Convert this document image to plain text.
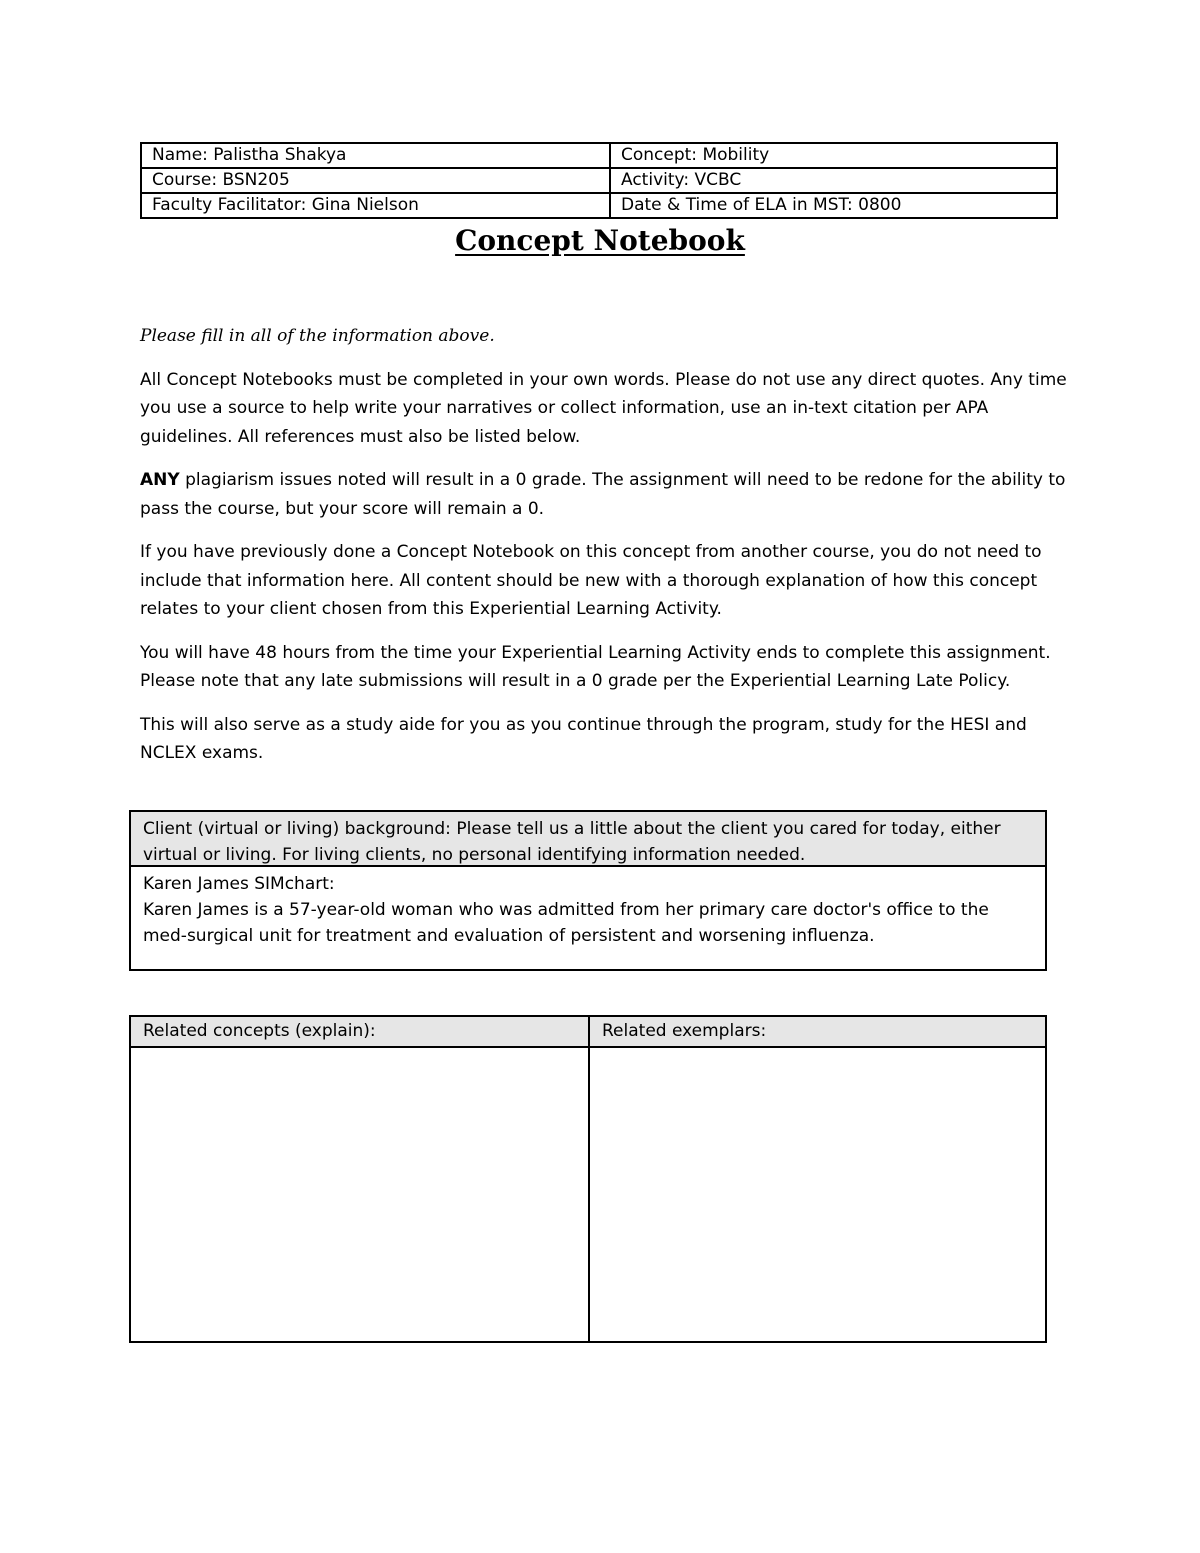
Name: Palistha Shakya	Concept: Mobility
Course: BSN205	Activity: VCBC
Faculty Facilitator: Gina Nielson	Date & Time of ELA in MST: 0800
Concept Notebook

Please fill in all of the information above.

All Concept Notebooks must be completed in your own words. Please do not use any direct quotes. Any time you use a source to help write your narratives or collect information, use an in-text citation per APA guidelines. All references must also be listed below.

ANY plagiarism issues noted will result in a 0 grade. The assignment will need to be redone for the ability to pass the course, but your score will remain a 0.

If you have previously done a Concept Notebook on this concept from another course, you do not need to include that information here. All content should be new with a thorough explanation of how this concept relates to your client chosen from this Experiential Learning Activity.

You will have 48 hours from the time your Experiential Learning Activity ends to complete this assignment. Please note that any late submissions will result in a 0 grade per the Experiential Learning Late Policy.

This will also serve as a study aide for you as you continue through the program, study for the HESI and NCLEX exams.

Client (virtual or living) background: Please tell us a little about the client you cared for today, either virtual or living. For living clients, no personal identifying information needed.
Karen James SIMchart:
Karen James is a 57-year-old woman who was admitted from her primary care doctor's office to the med-surgical unit for treatment and evaluation of persistent and worsening influenza.
Related concepts (explain):	Related exemplars:
